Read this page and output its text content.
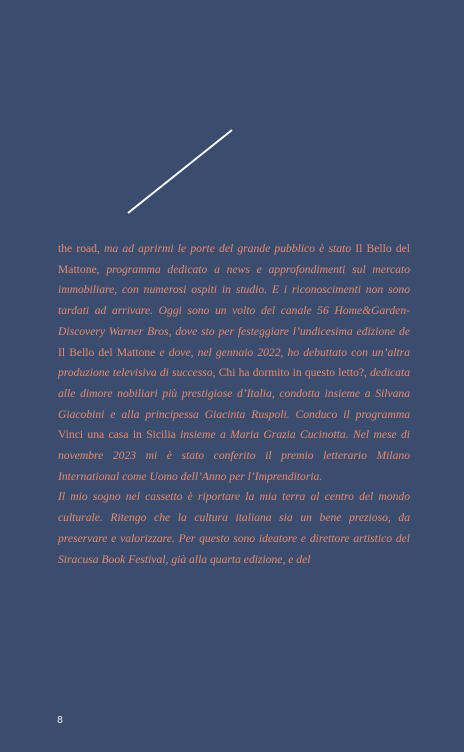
the road, ma ad aprirmi le porte del grande pubblico è stato Il Bello del Mattone, programma dedicato a news e approfondimenti sul mercato immobiliare, con numerosi ospiti in studio. E i riconoscimenti non sono tardati ad arrivare. Oggi sono un volto del canale 56 Home&Garden-Discovery Warner Bros, dove sto per festeggiare l’undicesima edizione de Il Bello del Mattone e dove, nel gennaio 2022, ho debuttato con un’altra produzione televisiva di successo, Chi ha dormito in questo letto?, dedicata alle dimore nobiliari più prestigiose d’Italia, condotta insieme a Silvana Giacobini e alla principessa Giacinta Ruspoli. Conduco il programma Vinci una casa in Sicilia insieme a Maria Grazia Cucinotta. Nel mese di novembre 2023 mi è stato conferito il premio letterario Milano International come Uomo dell’Anno per l’Imprenditoria.

Il mio sogno nel cassetto è riportare la mia terra al centro del mondo culturale. Ritengo che la cultura italiana sia un bene prezioso, da preservare e valorizzare. Per questo sono ideatore e direttore artistico del Siracusa Book Festival, già alla quarta edizione, e del

8
